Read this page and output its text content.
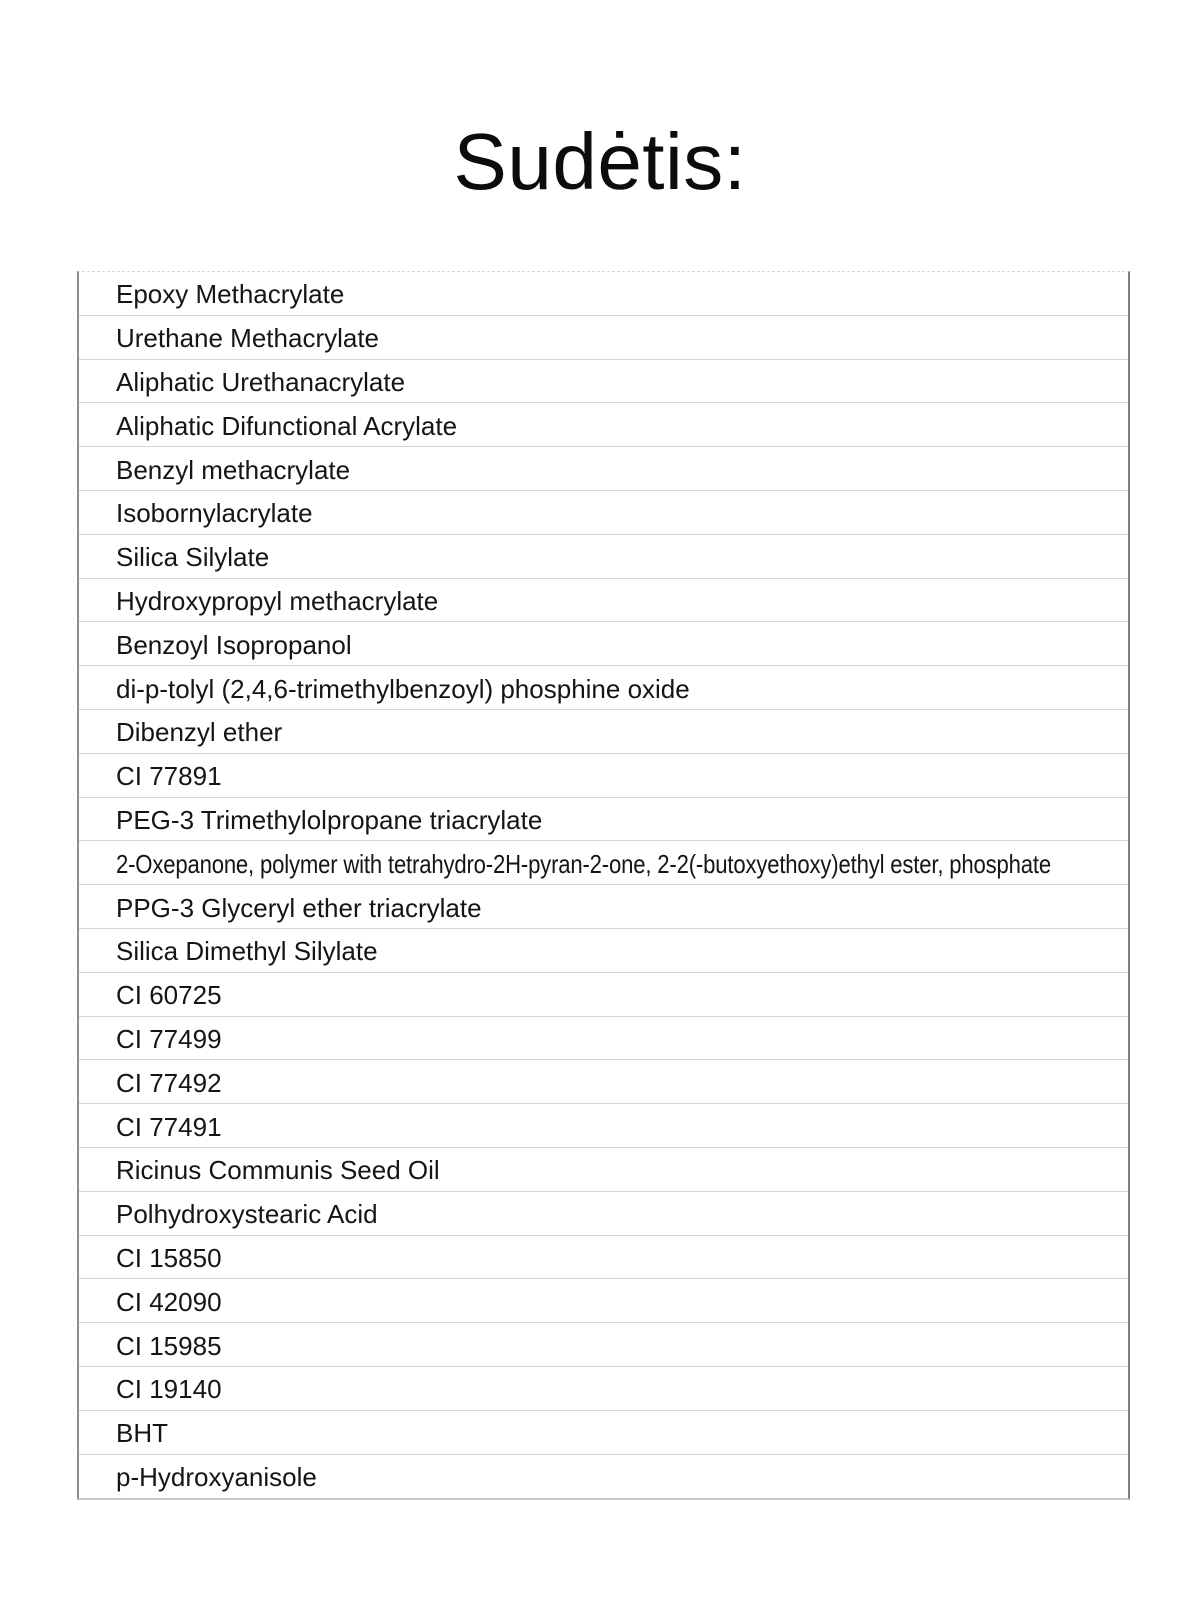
Sudėtis:
Epoxy Methacrylate
Urethane Methacrylate
Aliphatic Urethanacrylate
Aliphatic Difunctional Acrylate
Benzyl methacrylate
Isobornylacrylate
Silica Silylate
Hydroxypropyl methacrylate
Benzoyl Isopropanol
di-p-tolyl (2,4,6-trimethylbenzoyl) phosphine oxide
Dibenzyl ether
CI 77891
PEG-3 Trimethylolpropane triacrylate
2-Oxepanone, polymer with tetrahydro-2H-pyran-2-one, 2-2(-butoxyethoxy)ethyl ester, phosphate
PPG-3 Glyceryl ether triacrylate
Silica Dimethyl Silylate
CI 60725
CI 77499
CI 77492
CI 77491
Ricinus Communis Seed Oil
Polhydroxystearic Acid
CI 15850
CI 42090
CI 15985
CI 19140
BHT
p-Hydroxyanisole
